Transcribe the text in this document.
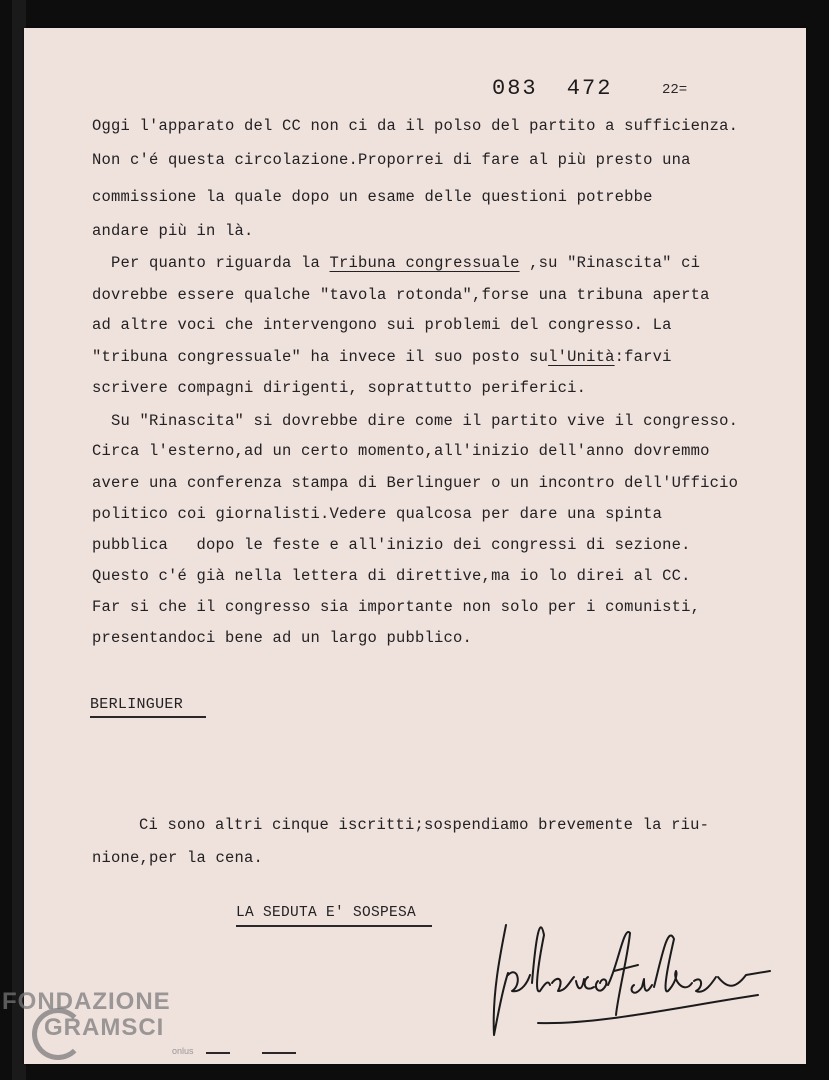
083 472	22=
Oggi l'apparato del CC non ci da il polso del partito a sufficienza.
Non c'é questa circolazione.Proporrei di fare al più presto una
commissione la quale dopo un esame delle questioni potrebbe
andare più in là.
Per quanto riguarda la Tribuna congressuale ,su "Rinascita" ci
dovrebbe essere qualche "tavola rotonda",forse una tribuna aperta
ad altre voci che intervengono sui problemi del congresso. La
"tribuna congressuale" ha invece il suo posto sul'Unità:farvi
scrivere compagni dirigenti, soprattutto periferici.
Su "Rinascita" si dovrebbe dire come il partito vive il congresso.
Circa l'esterno,ad un certo momento,all'inizio dell'anno dovremmo
avere una conferenza stampa di Berlinguer o un incontro dell'Ufficio
politico coi giornalisti.Vedere qualcosa per dare una spinta
pubblica   dopo le feste e all'inizio dei congressi di sezione.
Questo c'é già nella lettera di direttive,ma io lo direi al CC.
Far si che il congresso sia importante non solo per i comunisti,
presentandoci bene ad un largo pubblico.
BERLINGUER
Ci sono altri cinque iscritti;sospendiamo brevemente la riu-
nione,per la cena.
LA SEDUTA E' SOSPESA
FONDAZIONE
GRAMSCI
onlus
